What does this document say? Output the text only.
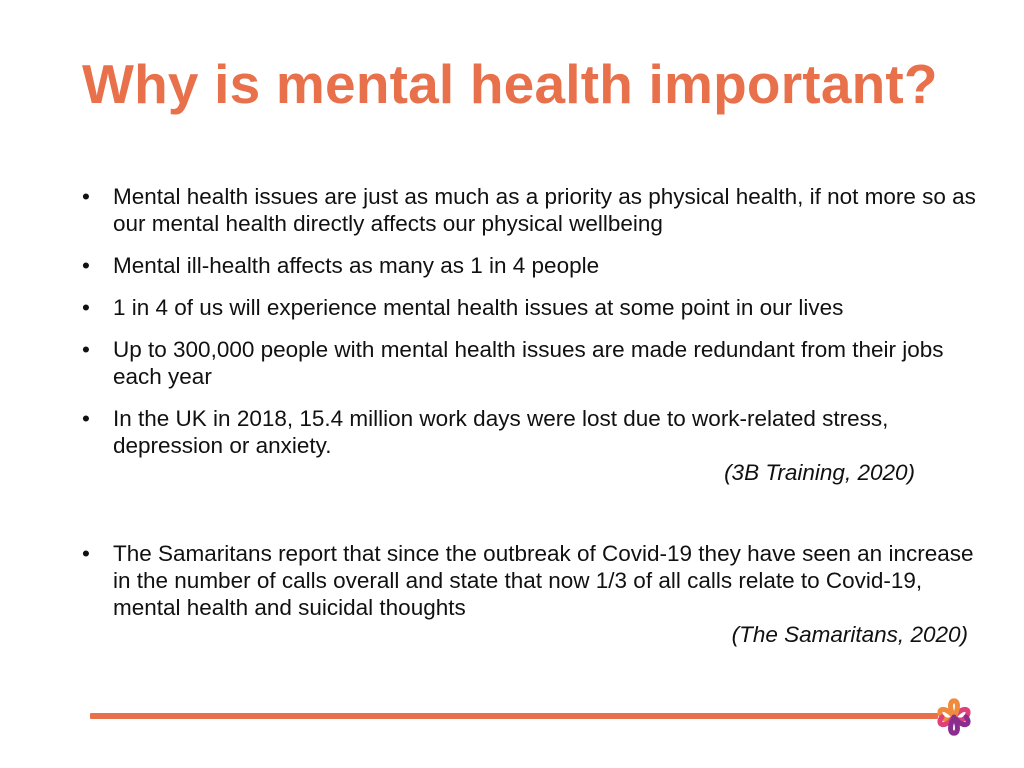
Why is mental health important?
• Mental health issues are just as much as a priority as physical health, if not more so as our mental health directly affects our physical wellbeing
• Mental ill-health affects as many as 1 in 4 people
• 1 in 4 of us will experience mental health issues at some point in our lives
• Up to 300,000 people with mental health issues are made redundant from their jobs each year
• In the UK in 2018, 15.4 million work days were lost due to work-related stress, depression or anxiety.
(3B Training, 2020)
• The Samaritans report that since the outbreak of Covid-19 they have seen an increase in the number of calls overall and state that now 1/3 of all calls relate to Covid-19, mental health and suicidal thoughts
(The Samaritans, 2020)
